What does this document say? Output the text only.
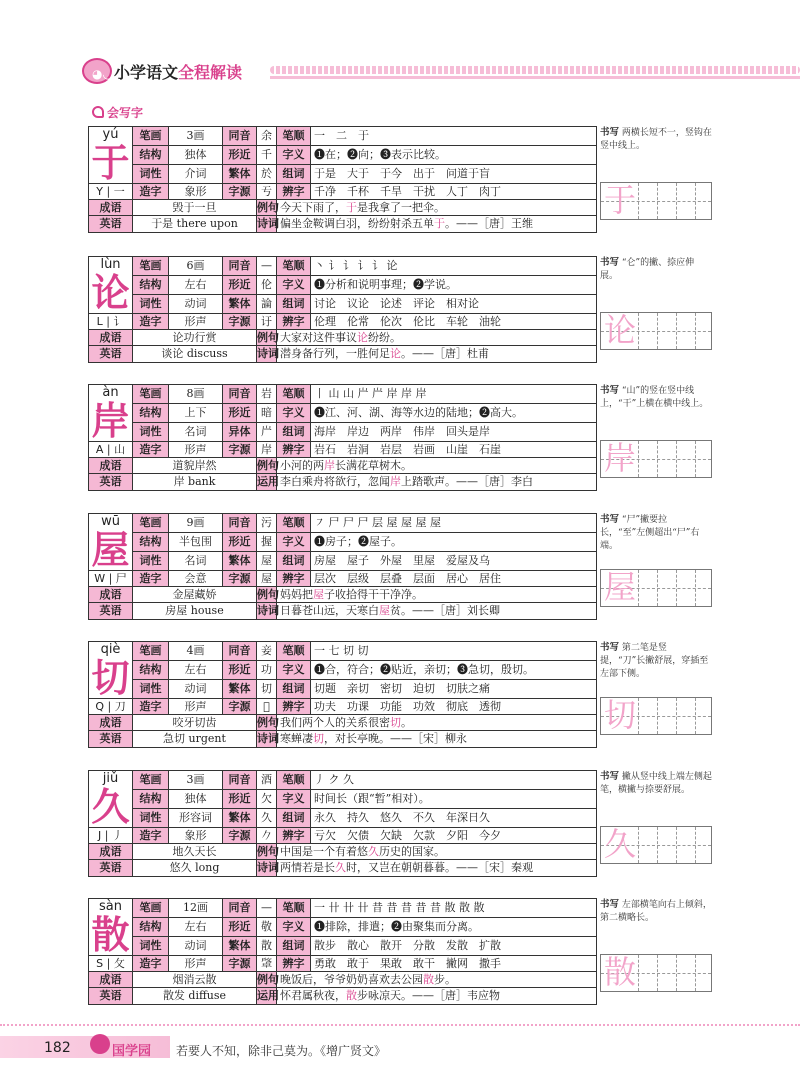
◕◡◕
小学语文全程解读
会写字
yú
于	笔画	3画	同音	余	笔顺	一　二　于
	结构	独体	形近	千	字义	❶在；❷向；❸表示比较。
	词性	介词	繁体	於	组词	于是　大于　于今　出于　问道于盲
Y | 一	造字	象形	字源	亐	辨字	千净　千杯　千旱　干扰　人丁　肉丁
成语	毁于一旦			例句	今天下雨了，于是我拿了一把伞。	
英语	于是 there upon			诗词	偏坐金鞍调白羽，纷纷射杀五单于。——［唐］王维	
书写 两横长短不一，竖钩在竖中线上。
于
lùn
论	笔画	6画	同音	—	笔顺	丶 讠 讠 讠 讠 论
	结构	左右	形近	伦	字义	❶分析和说明事理；❷学说。
	词性	动词	繁体	論	组词	讨论　议论　论述　评论　相对论
L | 讠	造字	形声	字源	𬣙	辨字	伦理　伦常　伦次　伦比　车轮　油轮
成语	论功行赏			例句	大家对这件事议论纷纷。	
英语	谈论 discuss			诗词	潜身备行列，一胜何足论。——［唐］杜甫	
书写 “仑”的撇、捺应伸展。
论
àn
岸	笔画	8画	同音	岩	笔顺	丨 山 山 屵 屵 岸 岸 岸
	结构	上下	形近	暗	字义	❶江、河、湖、海等水边的陆地；❷高大。
	词性	名词	异体	屵	组词	海岸　岸边　两岸　伟岸　回头是岸
A | 山	造字	形声	字源	岸	辨字	岩石　岩洞　岩层　岩画　山崖　石崖
成语	道貌岸然			例句	小河的两岸长满花草树木。	
英语	岸 bank			运用	李白乘舟将欲行，忽闻岸上踏歌声。——［唐］李白	
书写 “山”的竖在竖中线上，“干”上横在横中线上。
岸
wū
屋	笔画	9画	同音	污	笔顺	㇇ 尸 尸 尸 层 屋 屋 屋 屋
	结构	半包围	形近	握	字义	❶房子；❷屋子。
	词性	名词	繁体	屋	组词	房屋　屋子　外屋　里屋　爱屋及乌
W | 尸	造字	会意	字源	屋	辨字	层次　层级　层叠　层面　居心　居住
成语	金屋藏娇			例句	妈妈把屋子收拾得干干净净。	
英语	房屋 house			诗词	日暮苍山远，天寒白屋贫。——［唐］刘长卿	
书写 “尸”撇要拉长，“至”左侧超出“尸”右端。
屋
qiè
切	笔画	4画	同音	妾	笔顺	一 七 切 切
	结构	左右	形近	功	字义	❶合，符合；❷贴近，亲切；❸急切，殷切。
	词性	动词	繁体	切	组词	切题　亲切　密切　迫切　切肤之痛
Q | 刀	造字	形声	字源	𭃢	辨字	功夫　功课　功能　功效　彻底　透彻
成语	咬牙切齿			例句	我们两个人的关系很密切。	
英语	急切 urgent			诗词	寒蝉凄切，对长亭晚。——［宋］柳永	
书写 第二笔是竖提，“刀”长撇舒展，穿插至左部下侧。
切
jiǔ
久	笔画	3画	同音	酒	笔顺	丿 ク 久
	结构	独体	形近	欠	字义	时间长（跟“暂”相对）。
	词性	形容词	繁体	久	组词	永久　持久　悠久　不久　年深日久
J | 丿	造字	象形	字源	𠂊	辨字	亏欠　欠债　欠缺　欠款　夕阳　今夕
成语	地久天长			例句	中国是一个有着悠久历史的国家。	
英语	悠久 long			诗词	两情若是长久时，又岂在朝朝暮暮。——［宋］秦观	
书写 撇从竖中线上端左侧起笔，横撇与捺要舒展。
久
sàn
散	笔画	12画	同音	—	笔顺	一 卄 卄 卄 昔 昔 昔 昔 昔 散 散 散
	结构	左右	形近	敬	字义	❶排除，排遣；❷由聚集而分离。
	词性	动词	繁体	散	组词	散步　散心　散开　分散　发散　扩散
S | 攵	造字	形声	字源	𢿭	辨字	勇敢　敢于　果敢　敢干　撇网　撒手
成语	烟消云散			例句	晚饭后，爷爷奶奶喜欢去公园散步。	
英语	散发 diffuse			运用	怀君属秋夜，散步咏凉天。——［唐］韦应物	
书写 左部横笔向右上倾斜，第二横略长。
散
182	国学园 若要人不知，除非己莫为。《增广贤文》
